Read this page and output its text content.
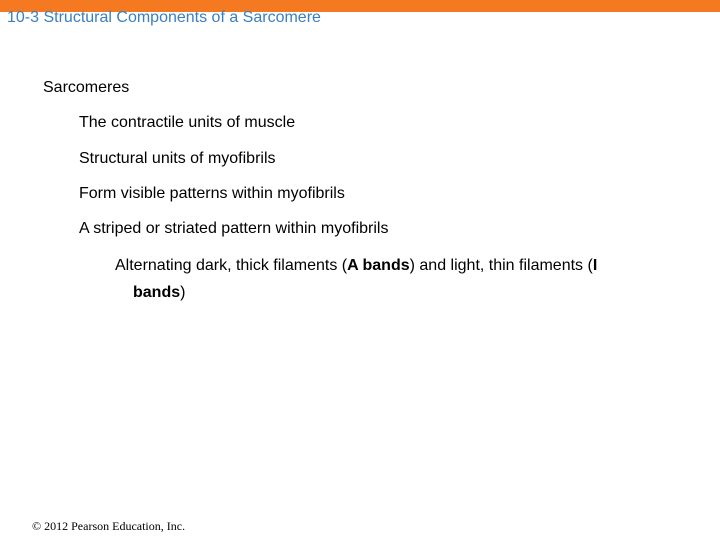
10-3 Structural Components of a Sarcomere
Sarcomeres
The contractile units of muscle
Structural units of myofibrils
Form visible patterns within myofibrils
A striped or striated pattern within myofibrils
Alternating dark, thick filaments (A bands) and light, thin filaments (I
bands)
© 2012 Pearson Education, Inc.
